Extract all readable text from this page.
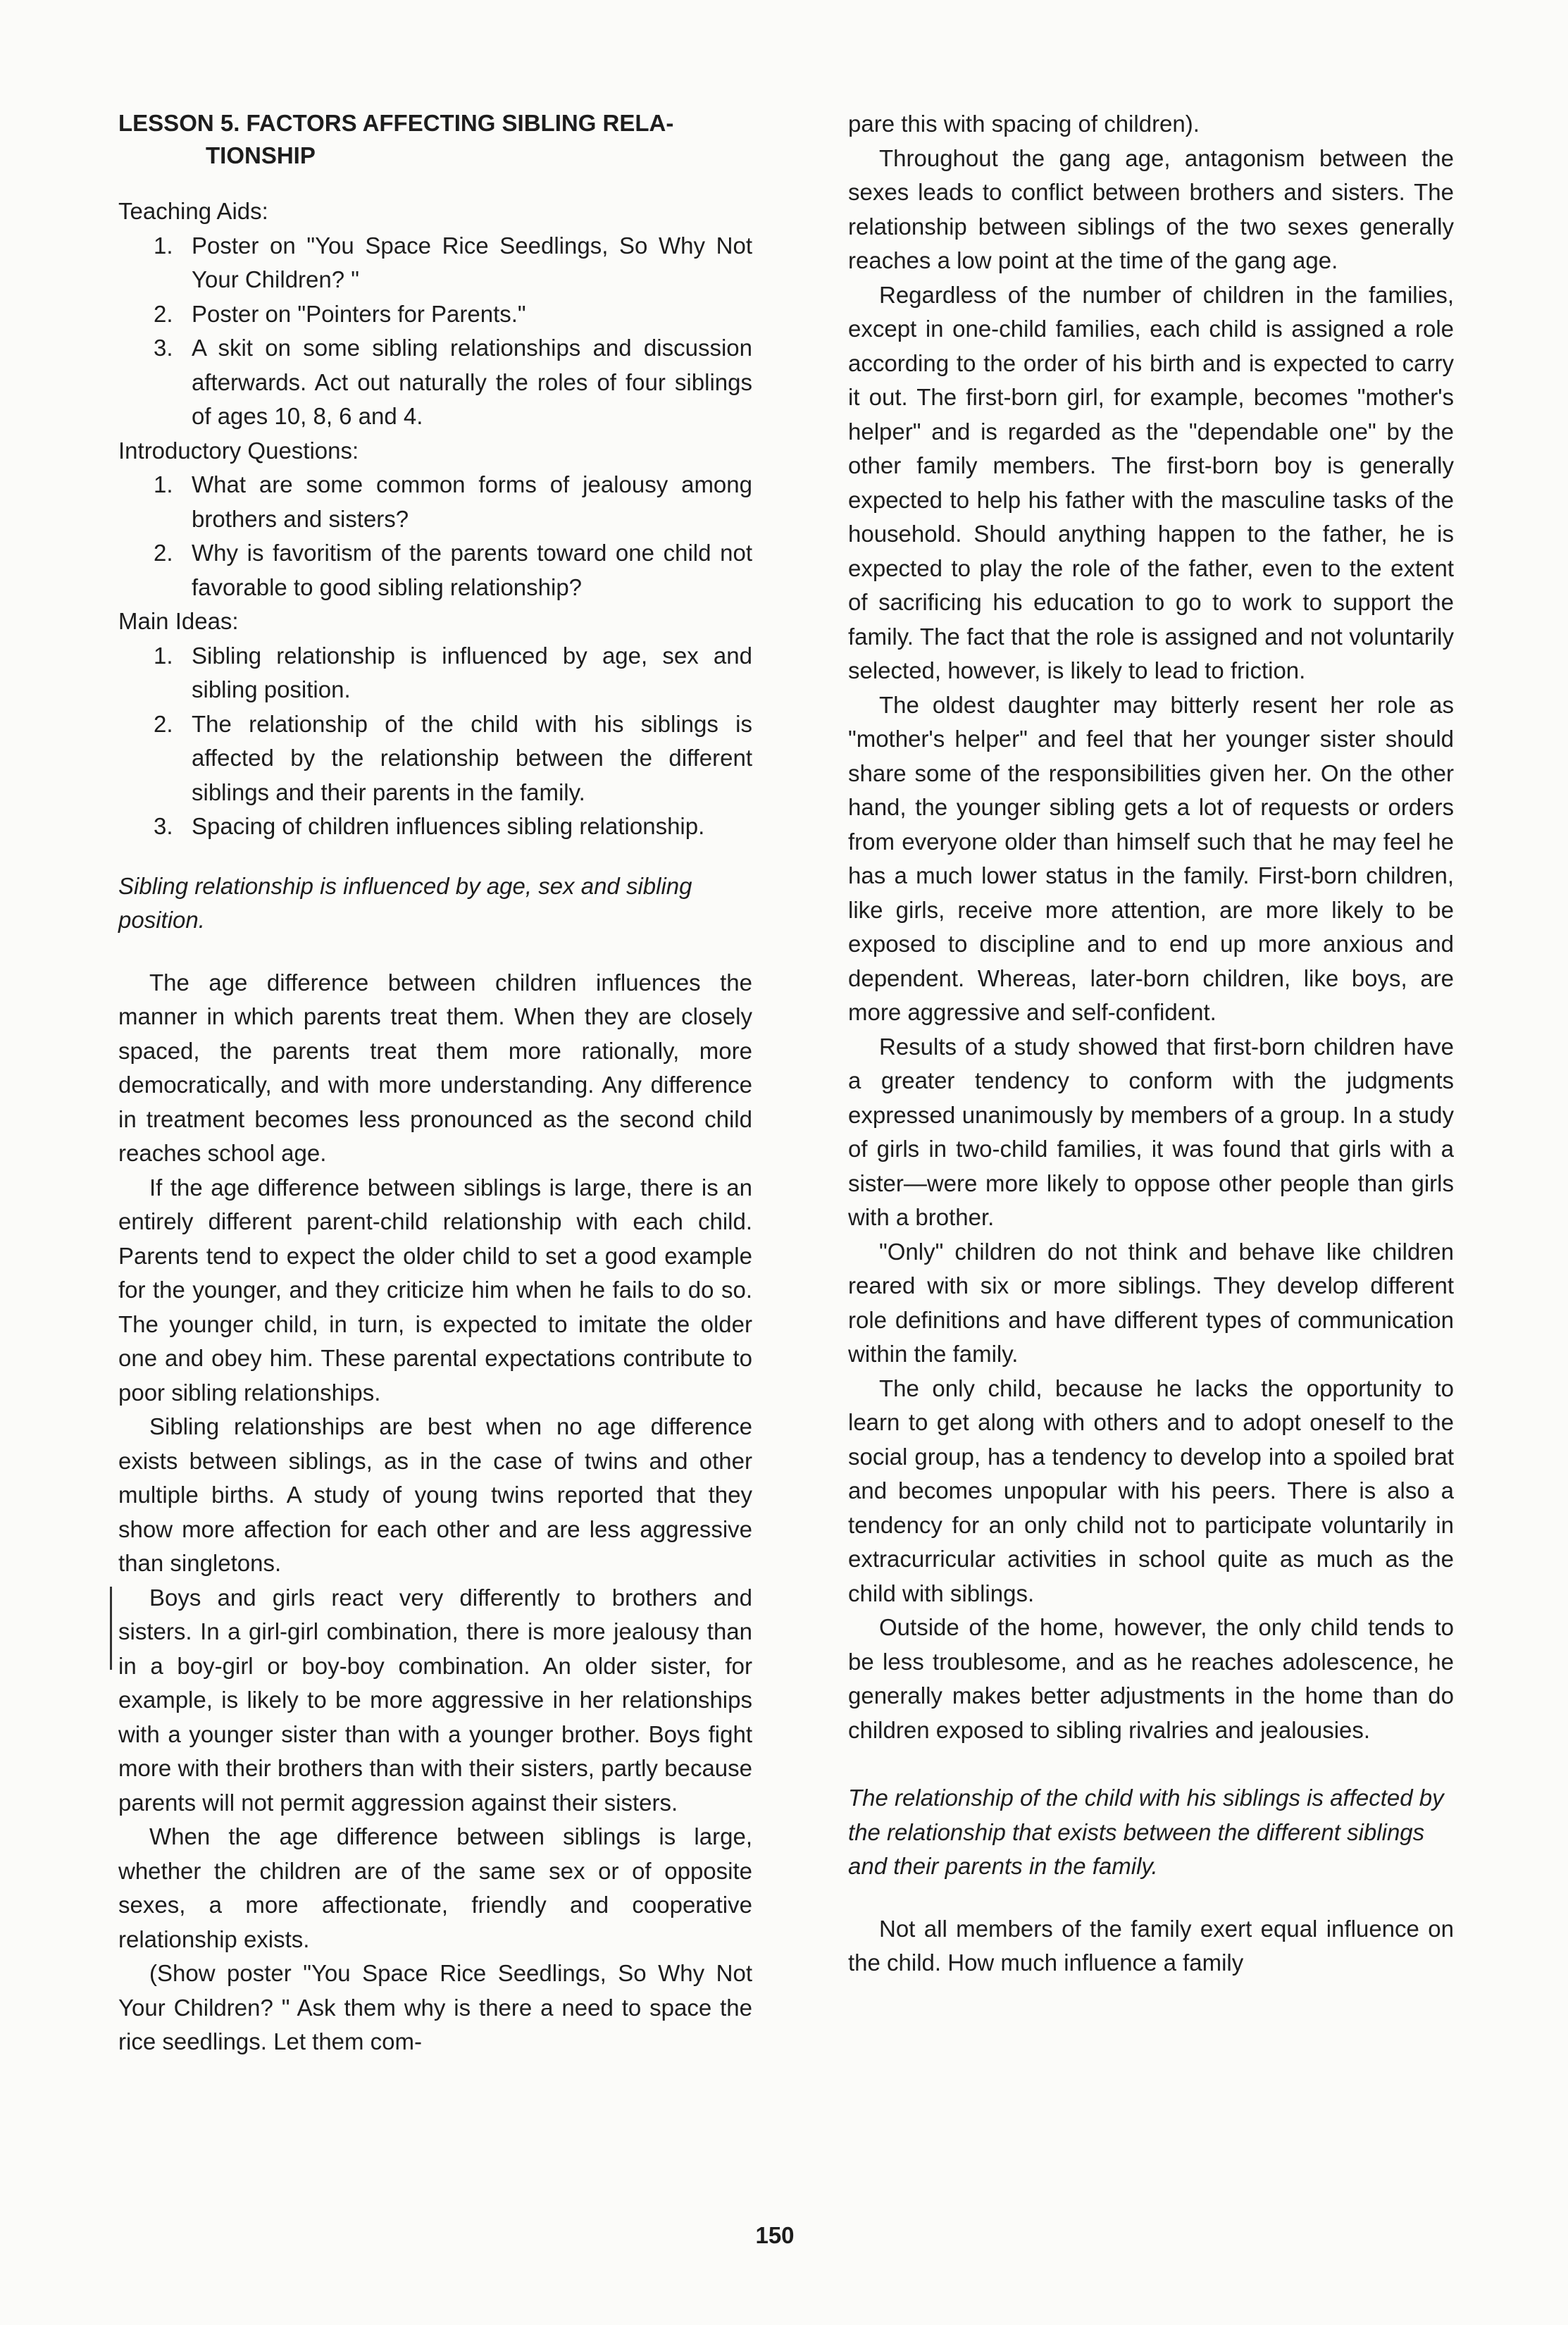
LESSON 5. FACTORS AFFECTING SIBLING RELA-
TIONSHIP

Teaching Aids:

1. Poster on "You Space Rice Seedlings, So Why Not Your Children? "
2. Poster on "Pointers for Parents."
3. A skit on some sibling relationships and discussion afterwards. Act out naturally the roles of four siblings of ages 10, 8, 6 and 4.

Introductory Questions:

1. What are some common forms of jealousy among brothers and sisters?
2. Why is favoritism of the parents toward one child not favorable to good sibling relationship?

Main Ideas:

1. Sibling relationship is influenced by age, sex and sibling position.
2. The relationship of the child with his siblings is affected by the relationship between the different siblings and their parents in the family.
3. Spacing of children influences sibling relationship.

Sibling relationship is influenced by age, sex and sibling position.

The age difference between children influences the manner in which parents treat them. When they are closely spaced, the parents treat them more rationally, more democratically, and with more understanding. Any difference in treatment becomes less pronounced as the second child reaches school age.

If the age difference between siblings is large, there is an entirely different parent-child relationship with each child. Parents tend to expect the older child to set a good example for the younger, and they criticize him when he fails to do so. The younger child, in turn, is expected to imitate the older one and obey him. These parental expectations contribute to poor sibling relationships.

Sibling relationships are best when no age difference exists between siblings, as in the case of twins and other multiple births. A study of young twins reported that they show more affection for each other and are less aggressive than singletons.

Boys and girls react very differently to brothers and sisters. In a girl-girl combination, there is more jealousy than in a boy-girl or boy-boy combination. An older sister, for example, is likely to be more aggressive in her relationships with a younger sister than with a younger brother. Boys fight more with their brothers than with their sisters, partly because parents will not permit aggression against their sisters.

When the age difference between siblings is large, whether the children are of the same sex or of opposite sexes, a more affectionate, friendly and cooperative relationship exists.

(Show poster "You Space Rice Seedlings, So Why Not Your Children? " Ask them why is there a need to space the rice seedlings. Let them com-

pare this with spacing of children).

Throughout the gang age, antagonism between the sexes leads to conflict between brothers and sisters. The relationship between siblings of the two sexes generally reaches a low point at the time of the gang age.

Regardless of the number of children in the families, except in one-child families, each child is assigned a role according to the order of his birth and is expected to carry it out. The first-born girl, for example, becomes "mother's helper" and is regarded as the "dependable one" by the other family members. The first-born boy is generally expected to help his father with the masculine tasks of the household. Should anything happen to the father, he is expected to play the role of the father, even to the extent of sacrificing his education to go to work to support the family. The fact that the role is assigned and not voluntarily selected, however, is likely to lead to friction.

The oldest daughter may bitterly resent her role as "mother's helper" and feel that her younger sister should share some of the responsibilities given her. On the other hand, the younger sibling gets a lot of requests or orders from everyone older than himself such that he may feel he has a much lower status in the family. First-born children, like girls, receive more attention, are more likely to be exposed to discipline and to end up more anxious and dependent. Whereas, later-born children, like boys, are more aggressive and self-confident.

Results of a study showed that first-born children have a greater tendency to conform with the judgments expressed unanimously by members of a group. In a study of girls in two-child families, it was found that girls with a sister—were more likely to oppose other people than girls with a brother.

"Only" children do not think and behave like children reared with six or more siblings. They develop different role definitions and have different types of communication within the family.

The only child, because he lacks the opportunity to learn to get along with others and to adopt oneself to the social group, has a tendency to develop into a spoiled brat and becomes unpopular with his peers. There is also a tendency for an only child not to participate voluntarily in extracurricular activities in school quite as much as the child with siblings.

Outside of the home, however, the only child tends to be less troublesome, and as he reaches adolescence, he generally makes better adjustments in the home than do children exposed to sibling rivalries and jealousies.

The relationship of the child with his siblings is affected by the relationship that exists between the different siblings and their parents in the family.

Not all members of the family exert equal influence on the child. How much influence a family

150
